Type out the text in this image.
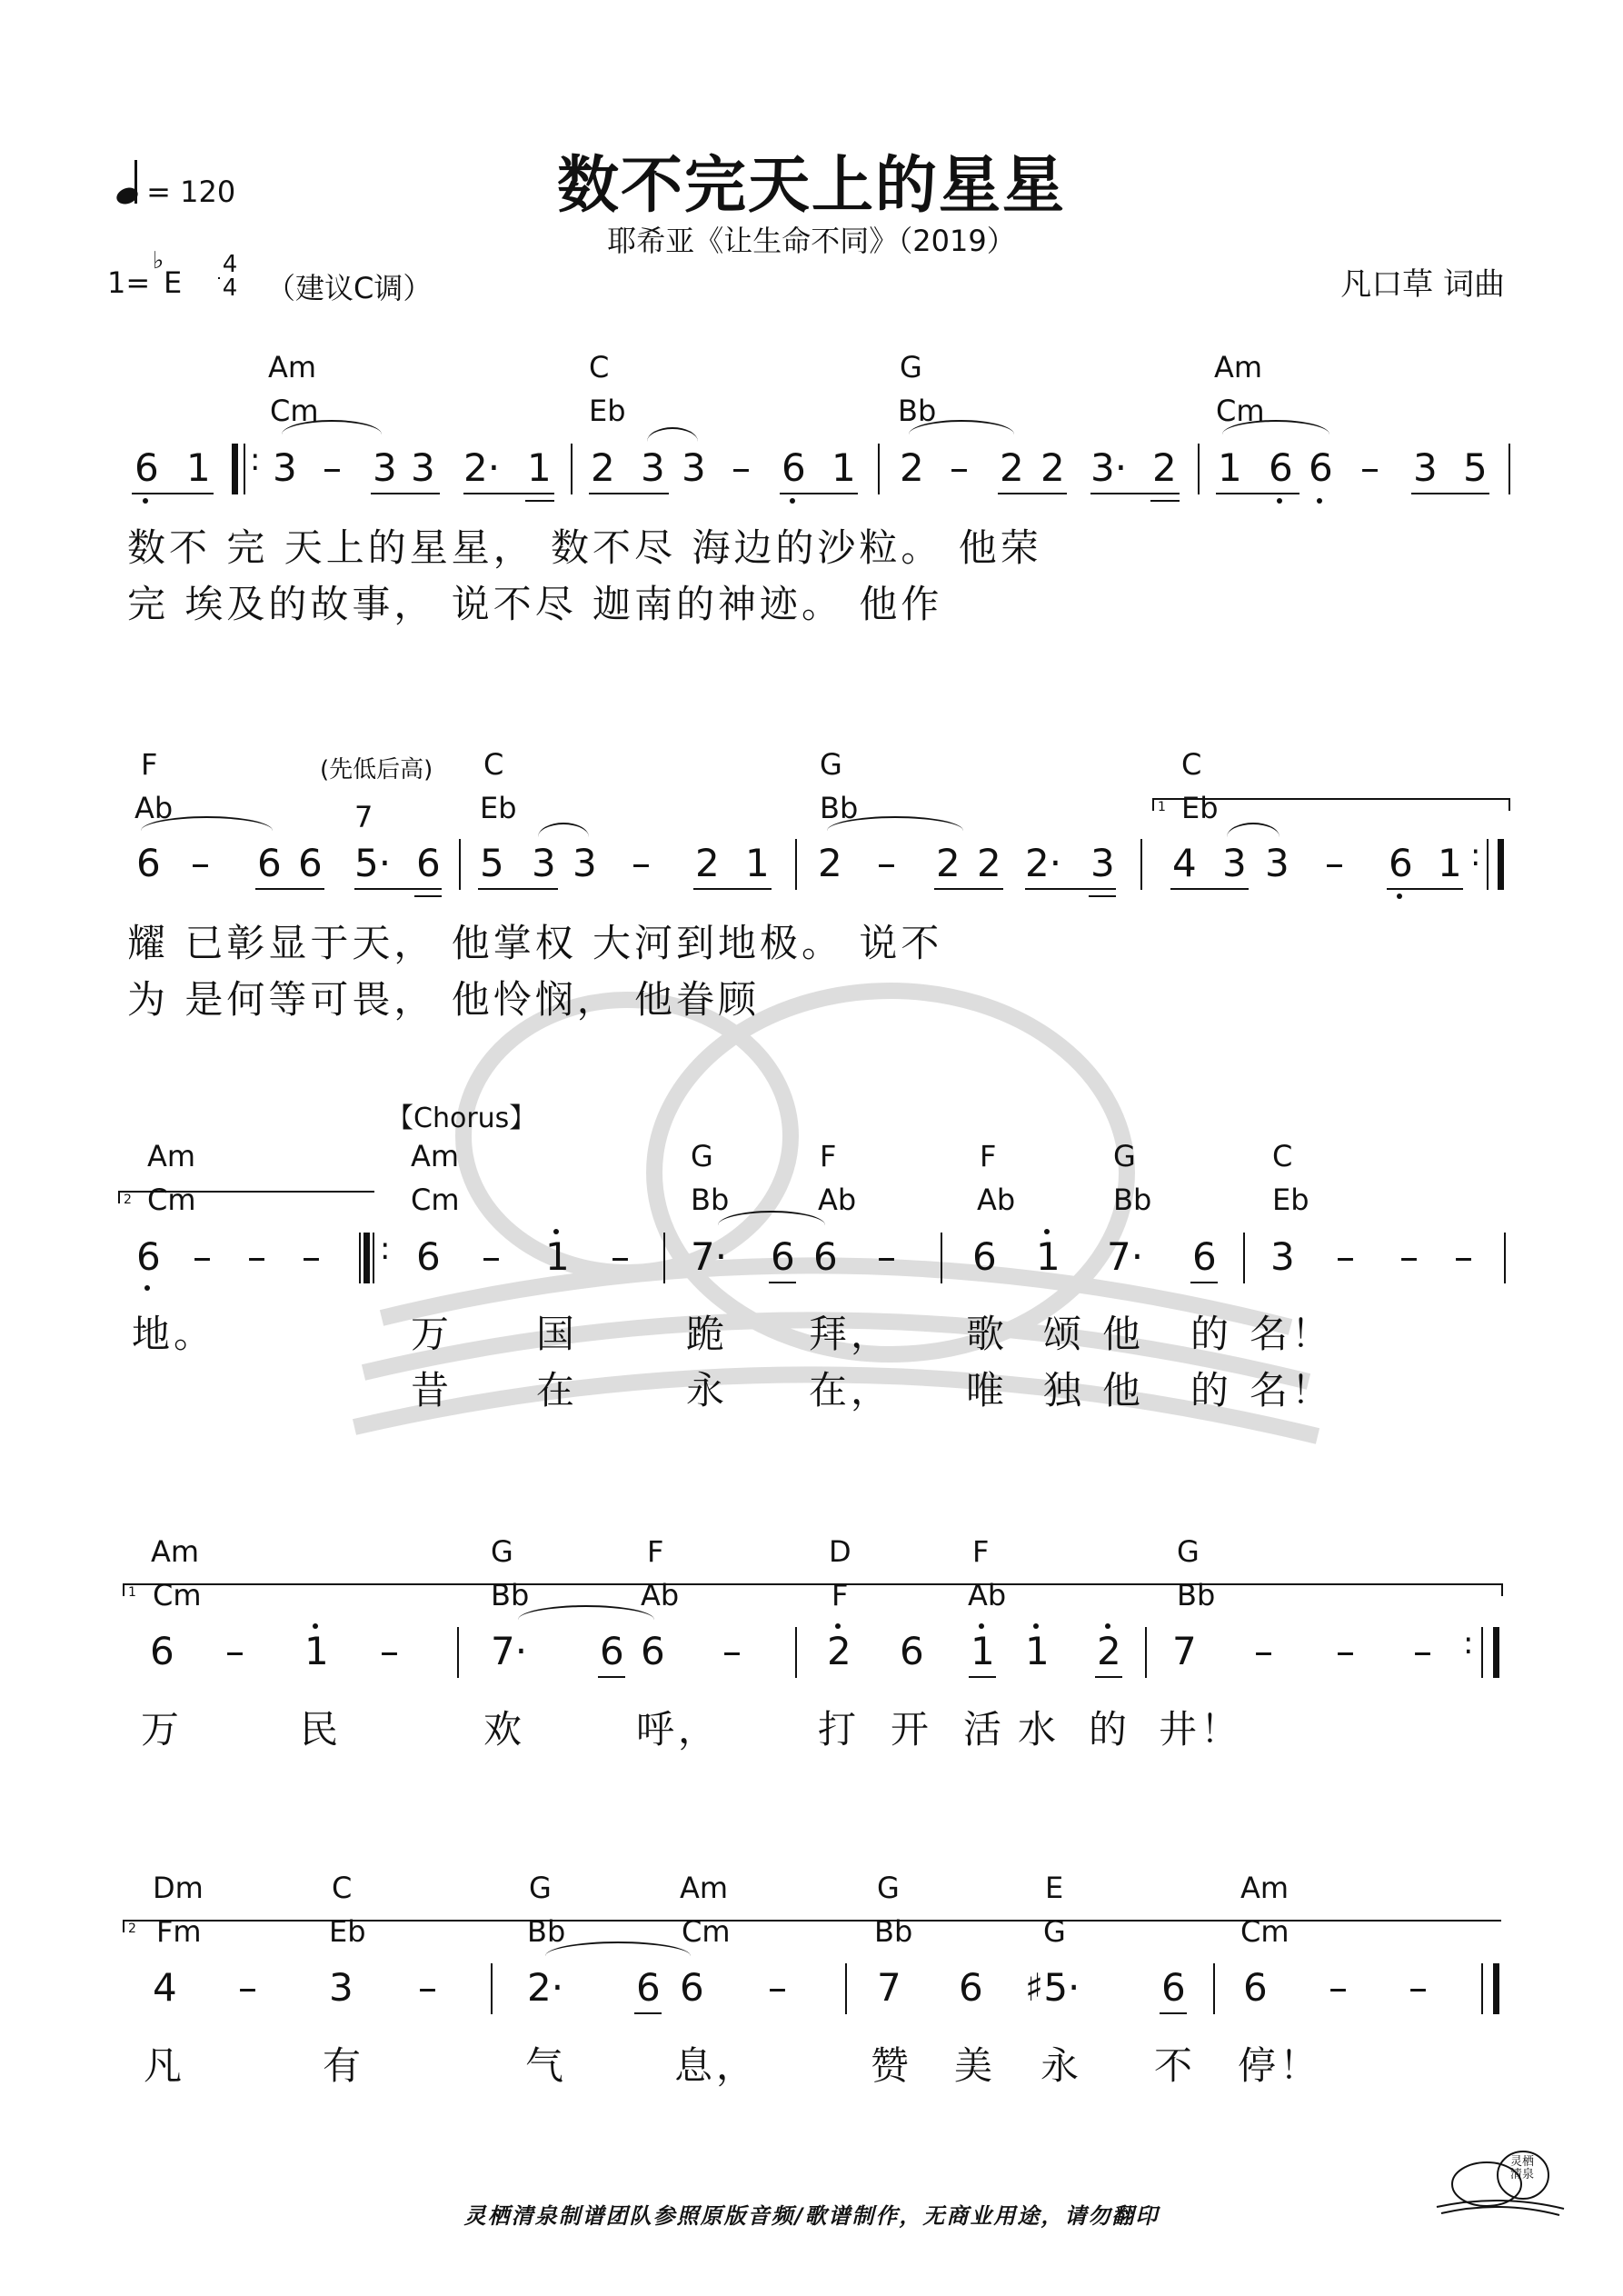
= 120	数不完天上的星星
耶希亚《让生命不同》（2019）
凡口草 词曲
1=
♭
E
4
4 （建议C调）
Am	C	G	Am
Cm	Eb	Bb	Cm
6 1 : 3 – 3 3 2· 1 2 3 3 – 6 1 2 – 2 2 3· 2 1 6 6 – 3 5
数不 完 天上的星星， 数不尽 海边的沙粒。 他荣
完 埃及的故事， 说不尽 迦南的神迹。 他作
F	(先低后高) C	G	C
Ab	7	Eb	Bb	Eb
1
6 – 6 6 5· 6 5 3 3 – 2 1 2 – 2 2 2· 3 4 3 3 – 6 1 :
耀 已彰显于天， 他掌权 大河到地极。 说不
为 是何等可畏， 他怜悯， 他眷顾
【Chorus】
Am	Am	G	F	F	G	C
Cm	Cm	Bb	Ab	Ab	Bb	Eb
2
6 – – – : 6 – 1 – 7· 6 6 – 6 1 7· 6 3 – – –
地。	万 国	跪 拜， 歌 颂 他 的 名！
昔 在	永 在， 唯 独 他 的 名！
Am	G	F	D	F	G
Cm	Bb	Ab	F	Ab	Bb
1
6 – 1 – 7· 6 6 – 2 6 1 1 2 7 – – – :
万	民	欢	呼，	打 开 活 水 的 井！
Dm	C	G	Am	G	E	Am
Fm	Eb	Bb	Cm	Bb	G	Cm
2
4 – 3 – 2· 6 6 – 7 6 ♯5· 6 6 – –
凡	有	气	息，	赞 美 永 不 停！
灵栖清泉制谱团队参照原版音频/歌谱制作，无商业用途，请勿翻印
灵栖清泉
